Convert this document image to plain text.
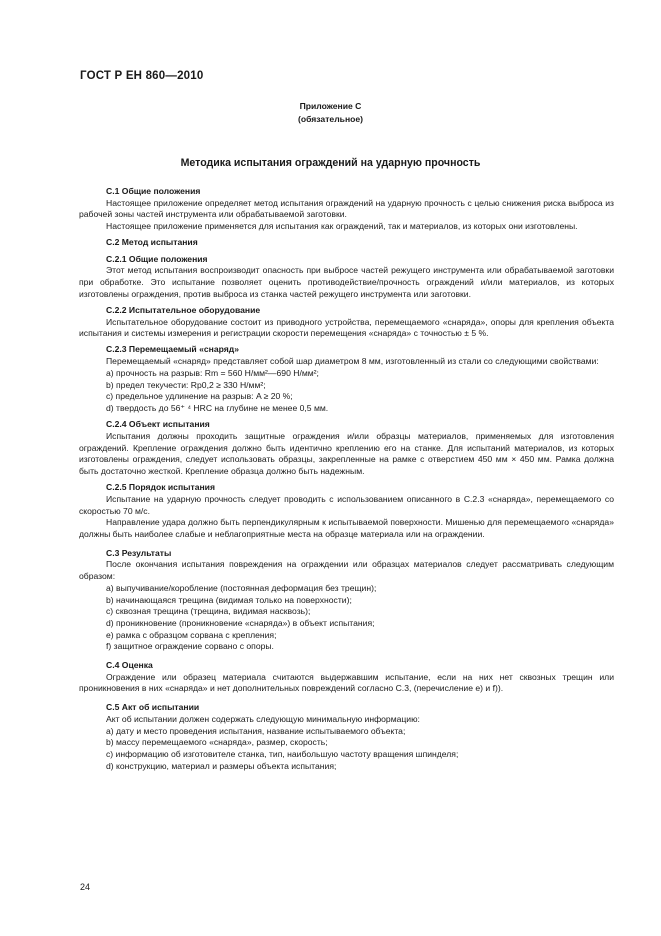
ГОСТ Р ЕН 860—2010
Приложение С
(обязательное)
Методика испытания ограждений на ударную прочность
С.1 Общие положения
Настоящее приложение определяет метод испытания ограждений на ударную прочность с целью снижения риска выброса из рабочей зоны частей инструмента или обрабатываемой заготовки.
Настоящее приложение применяется для испытания как ограждений, так и материалов, из которых они изготовлены.
С.2 Метод испытания
С.2.1 Общие положения
Этот метод испытания воспроизводит опасность при выбросе частей режущего инструмента или обрабатываемой заготовки при обработке. Это испытание позволяет оценить противодействие/прочность ограждений и/или материалов, из которых изготовлены ограждения, против выброса из станка частей режущего инструмента или заготовки.
С.2.2 Испытательное оборудование
Испытательное оборудование состоит из приводного устройства, перемещаемого «снаряда», опоры для крепления объекта испытания и системы измерения и регистрации скорости перемещения «снаряда» с точностью ± 5 %.
С.2.3 Перемещаемый «снаряд»
Перемещаемый «снаряд» представляет собой шар диаметром 8 мм, изготовленный из стали со следующими свойствами:
a) прочность на разрыв: Rm = 560 Н/мм²—690 Н/мм²;
b) предел текучести: Rp0,2 ≥ 330 Н/мм²;
c) предельное удлинение на разрыв: A ≥ 20 %;
d) твердость до 56⁺ ⁴ HRC на глубине не менее 0,5 мм.
С.2.4 Объект испытания
Испытания должны проходить защитные ограждения и/или образцы материалов, применяемых для изготовления ограждений. Крепление ограждения должно быть идентично креплению его на станке. Для испытаний материалов, из которых изготовлены ограждения, следует использовать образцы, закрепленные на рамке с отверстием 450 мм × 450 мм. Рамка должна быть достаточно жесткой. Крепление образца должно быть надежным.
С.2.5 Порядок испытания
Испытание на ударную прочность следует проводить с использованием описанного в С.2.3 «снаряда», перемещаемого со скоростью 70 м/с.
Направление удара должно быть перпендикулярным к испытываемой поверхности. Мишенью для перемещаемого «снаряда» должны быть наиболее слабые и неблагоприятные места на образце материала или на ограждении.
С.3 Результаты
После окончания испытания повреждения на ограждении или образцах материалов следует рассматривать следующим образом:
a) выпучивание/коробление (постоянная деформация без трещин);
b) начинающаяся трещина (видимая только на поверхности);
c) сквозная трещина (трещина, видимая насквозь);
d) проникновение (проникновение «снаряда») в объект испытания;
e) рамка с образцом сорвана с крепления;
f) защитное ограждение сорвано с опоры.
С.4 Оценка
Ограждение или образец материала считаются выдержавшим испытание, если на них нет сквозных трещин или проникновения в них «снаряда» и нет дополнительных повреждений согласно С.3, (перечисление е) и f)).
С.5 Акт об испытании
Акт об испытании должен содержать следующую минимальную информацию:
a) дату и место проведения испытания, название испытываемого объекта;
b) массу перемещаемого «снаряда», размер, скорость;
c) информацию об изготовителе станка, тип, наибольшую частоту вращения шпинделя;
d) конструкцию, материал и размеры объекта испытания;
24
